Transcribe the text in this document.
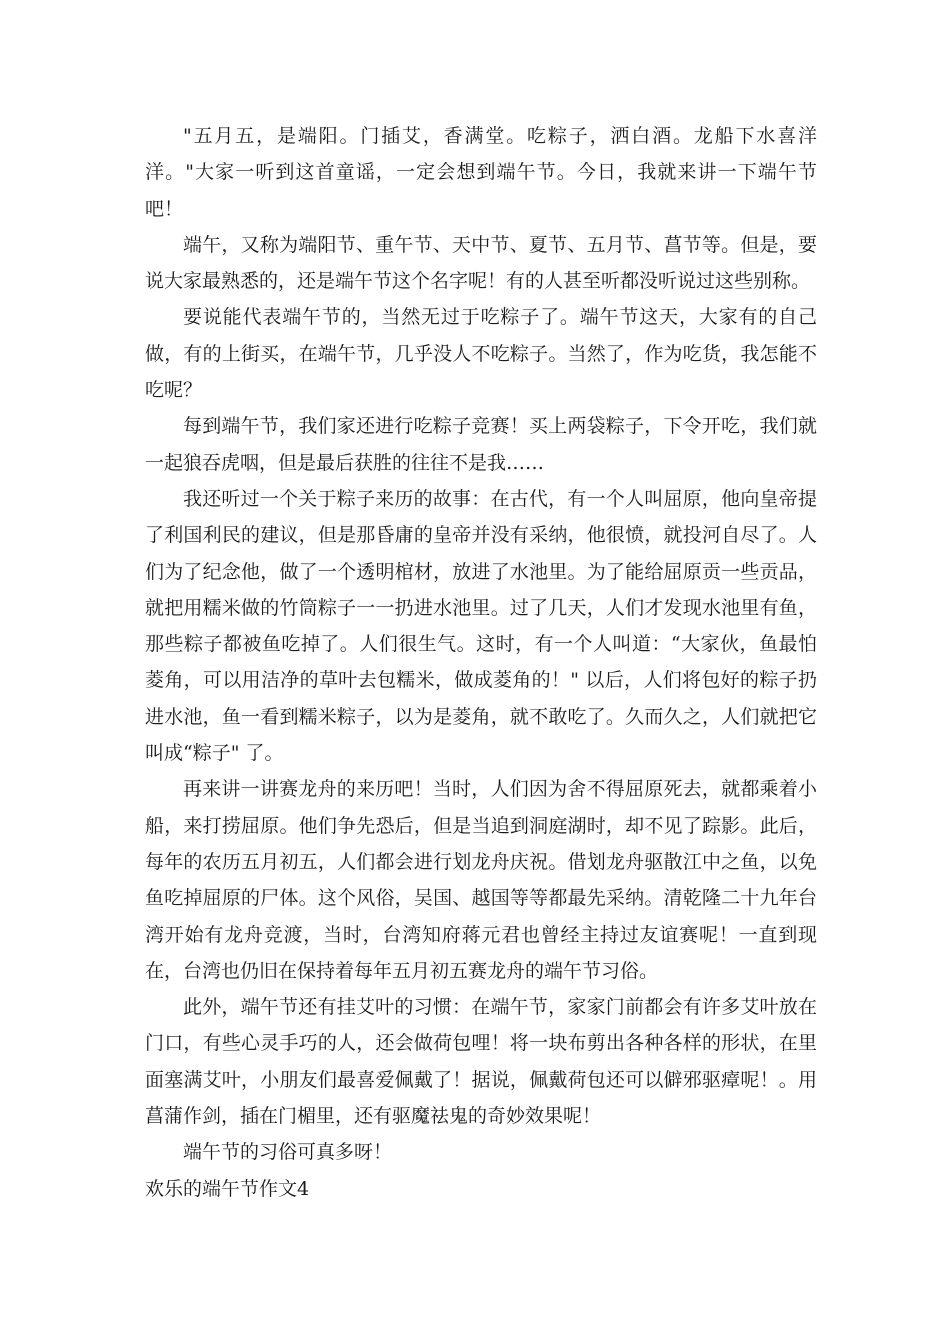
"五月五，是端阳。门插艾，香满堂。吃粽子，洒白酒。龙船下水喜洋洋。"大家一听到这首童谣，一定会想到端午节。今日，我就来讲一下端午节吧！

端午，又称为端阳节、重午节、天中节、夏节、五月节、菖节等。但是，要说大家最熟悉的，还是端午节这个名字呢！有的人甚至听都没听说过这些别称。

要说能代表端午节的，当然无过于吃粽子了。端午节这天，大家有的自己做，有的上街买，在端午节，几乎没人不吃粽子。当然了，作为吃货，我怎能不吃呢？

每到端午节，我们家还进行吃粽子竞赛！买上两袋粽子，下令开吃，我们就一起狼吞虎咽，但是最后获胜的往往不是我……

我还听过一个关于粽子来历的故事：在古代，有一个人叫屈原，他向皇帝提了利国利民的建议，但是那昏庸的皇帝并没有采纳，他很愤，就投河自尽了。人们为了纪念他，做了一个透明棺材，放进了水池里。为了能给屈原贡一些贡品，就把用糯米做的竹筒粽子一一扔进水池里。过了几天，人们才发现水池里有鱼，那些粽子都被鱼吃掉了。人们很生气。这时，有一个人叫道：“大家伙，鱼最怕菱角，可以用洁净的草叶去包糯米，做成菱角的！" 以后，人们将包好的粽子扔进水池，鱼一看到糯米粽子，以为是菱角，就不敢吃了。久而久之，人们就把它叫成“粽子" 了。

再来讲一讲赛龙舟的来历吧！当时，人们因为舍不得屈原死去，就都乘着小船，来打捞屈原。他们争先恐后，但是当追到洞庭湖时，却不见了踪影。此后，每年的农历五月初五，人们都会进行划龙舟庆祝。借划龙舟驱散江中之鱼，以免鱼吃掉屈原的尸体。这个风俗，吴国、越国等等都最先采纳。清乾隆二十九年台湾开始有龙舟竞渡，当时，台湾知府蒋元君也曾经主持过友谊赛呢！一直到现在，台湾也仍旧在保持着每年五月初五赛龙舟的端午节习俗。

此外，端午节还有挂艾叶的习惯：在端午节，家家门前都会有许多艾叶放在门口，有些心灵手巧的人，还会做荷包哩！将一块布剪出各种各样的形状，在里面塞满艾叶，小朋友们最喜爱佩戴了！据说，佩戴荷包还可以僻邪驱瘴呢！。用菖蒲作剑，插在门楣里，还有驱魔祛鬼的奇妙效果呢！

端午节的习俗可真多呀！

欢乐的端午节作文4
